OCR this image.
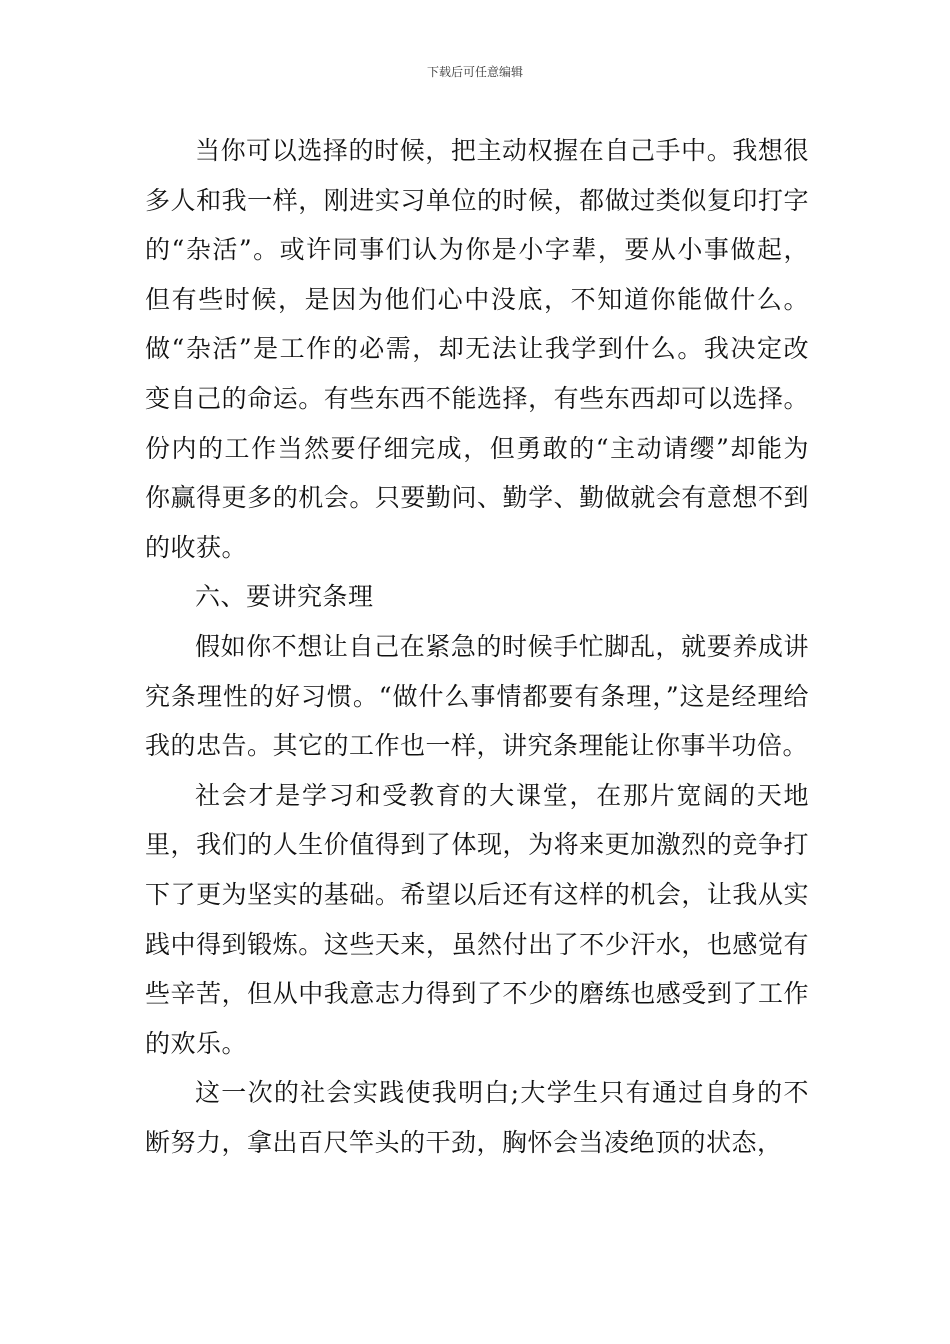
下载后可任意编辑

当你可以选择的时候，把主动权握在自己手中。我想很多人和我一样，刚进实习单位的时候，都做过类似复印打字的“杂活”。或许同事们认为你是小字辈，要从小事做起，但有些时候，是因为他们心中没底，不知道你能做什么。做“杂活”是工作的必需，却无法让我学到什么。我决定改变自己的命运。有些东西不能选择，有些东西却可以选择。份内的工作当然要仔细完成，但勇敢的“主动请缨”却能为你赢得更多的机会。只要勤问、勤学、勤做就会有意想不到的收获。

六、要讲究条理

假如你不想让自己在紧急的时候手忙脚乱，就要养成讲究条理性的好习惯。“做什么事情都要有条理，”这是经理给我的忠告。其它的工作也一样，讲究条理能让你事半功倍。

社会才是学习和受教育的大课堂，在那片宽阔的天地里，我们的人生价值得到了体现，为将来更加激烈的竞争打下了更为坚实的基础。希望以后还有这样的机会，让我从实践中得到锻炼。这些天来，虽然付出了不少汗水，也感觉有些辛苦，但从中我意志力得到了不少的磨练也感受到了工作的欢乐。

这一次的社会实践使我明白;大学生只有通过自身的不断努力，拿出百尺竿头的干劲，胸怀会当凌绝顶的状态，
